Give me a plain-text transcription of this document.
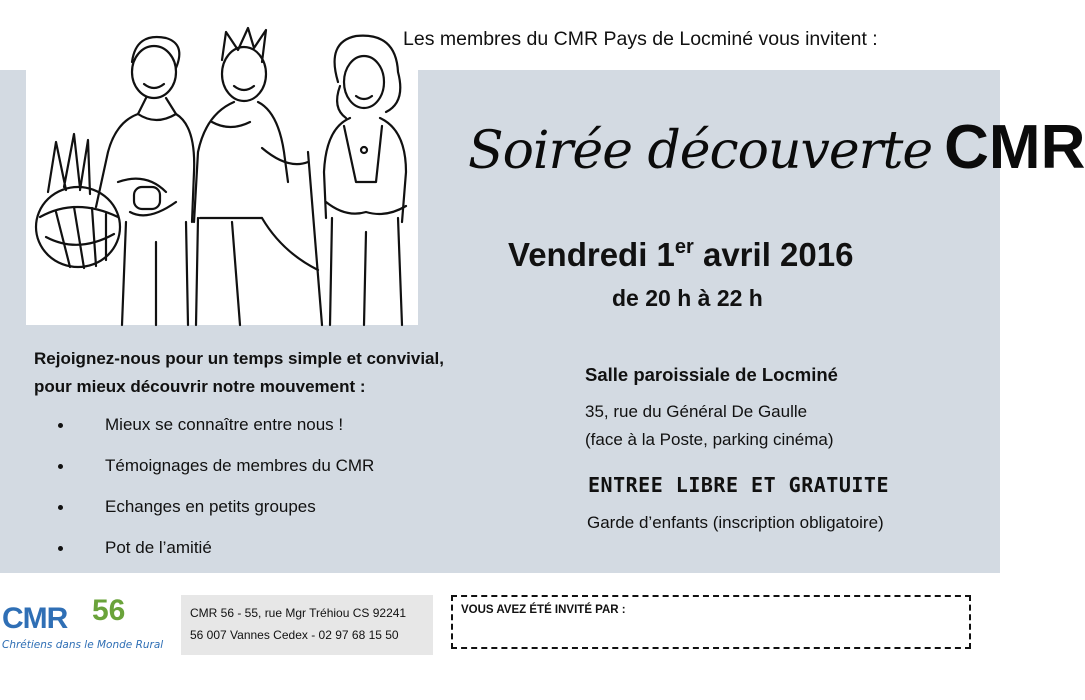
Les membres du CMR Pays de Locminé vous invitent :
Soirée découverte CMR
Vendredi 1er avril 2016
de 20 h à 22 h
Rejoignez-nous pour un temps simple et convivial,
pour mieux découvrir notre mouvement :
Mieux se connaître entre nous !
Témoignages de membres du CMR
Echanges en petits groupes
Pot de l’amitié
Salle paroissiale de Locminé
35, rue du Général De Gaulle
(face à la Poste, parking cinéma)
ENTREE LIBRE ET GRATUITE
Garde d’enfants (inscription obligatoire)
CMR 56
Chrétiens dans le Monde Rural
CMR 56 - 55, rue Mgr Tréhiou CS 92241
56 007 Vannes Cedex - 02 97 68 15 50
VOUS AVEZ ÉTÉ INVITÉ PAR :
